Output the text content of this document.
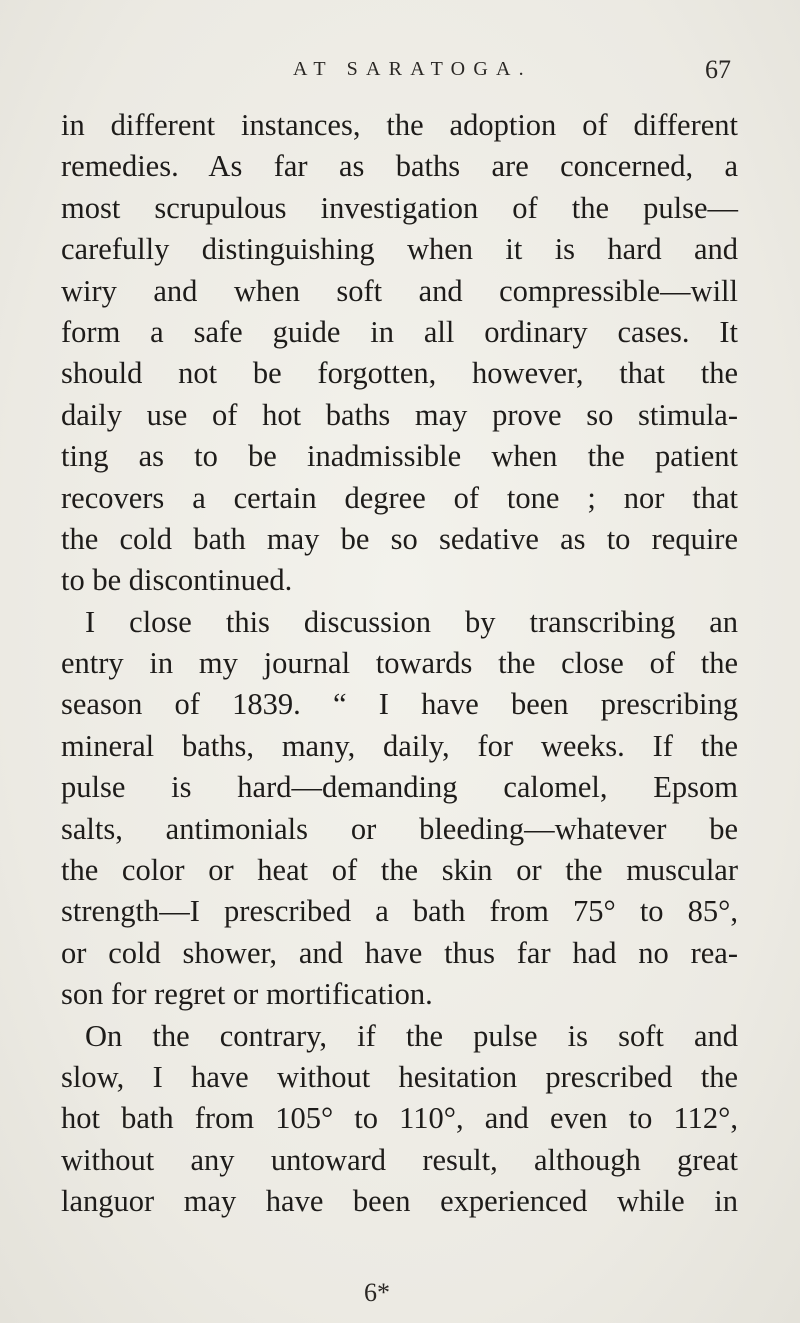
AT SARATOGA.	67
in different instances, the adoption of different
remedies. As far as baths are concerned, a
most scrupulous investigation of the pulse—
carefully distinguishing when it is hard and
wiry and when soft and compressible—will
form a safe guide in all ordinary cases. It
should not be forgotten, however, that the
daily use of hot baths may prove so stimula-
ting as to be inadmissible when the patient
recovers a certain degree of tone ; nor that
the cold bath may be so sedative as to require
to be discontinued.
I close this discussion by transcribing an
entry in my journal towards the close of the
season of 1839. “ I have been prescribing
mineral baths, many, daily, for weeks. If the
pulse is hard—demanding calomel, Epsom
salts, antimonials or bleeding—whatever be
the color or heat of the skin or the muscular
strength—I prescribed a bath from 75° to 85°,
or cold shower, and have thus far had no rea-
son for regret or mortification.
On the contrary, if the pulse is soft and
slow, I have without hesitation prescribed the
hot bath from 105° to 110°, and even to 112°,
without any untoward result, although great
languor may have been experienced while in
6*
